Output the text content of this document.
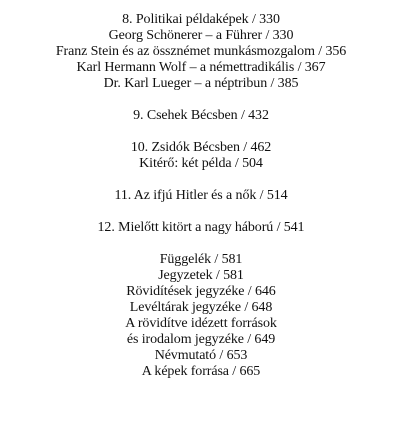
8. Politikai példaképek / 330
Georg Schönerer – a Führer / 330
Franz Stein és az össznémet munkásmozgalom / 356
Karl Hermann Wolf – a némettradikális / 367
Dr. Karl Lueger – a néptribun / 385
9. Csehek Bécsben / 432
10. Zsidók Bécsben / 462
Kitérő: két példa / 504
11. Az ifjú Hitler és a nők / 514
12. Mielőtt kitört a nagy háború / 541
Függelék / 581
Jegyzetek / 581
Rövidítések jegyzéke / 646
Levéltárak jegyzéke / 648
A rövidítve idézett források
és irodalom jegyzéke / 649
Névmutató / 653
A képek forrása / 665
